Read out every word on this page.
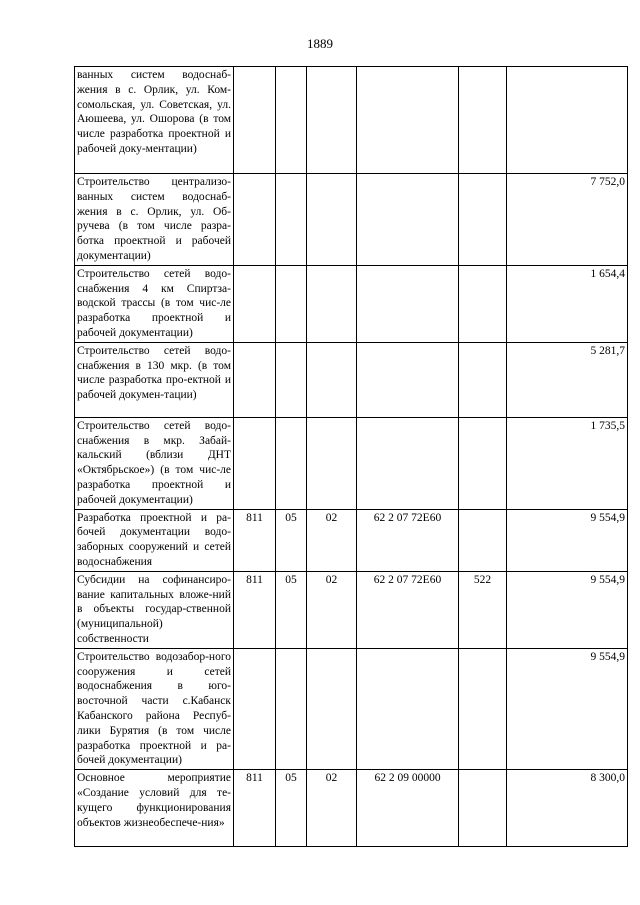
1889
ванных систем водоснаб-жения в с. Орлик, ул. Ком-сомольская, ул. Советская, ул. Аюшеева, ул. Ошорова (в том числе разработка проектной и рабочей доку-ментации)						
Строительство централизо-ванных систем водоснаб-жения в с. Орлик, ул. Об-ручева (в том числе разра-ботка проектной и рабочей документации)						7 752,0
Строительство сетей водо-снабжения 4 км Спиртза-водской трассы (в том чис-ле разработка проектной и рабочей документации)						1 654,4
Строительство сетей водо-снабжения в 130 мкр. (в том числе разработка про-ектной и рабочей докумен-тации)						5 281,7
Строительство сетей водо-снабжения в мкр. Забай-кальский (вблизи ДНТ «Октябрьское») (в том чис-ле разработка проектной и рабочей документации)						1 735,5
Разработка проектной и ра-бочей документации водо-заборных сооружений и сетей водоснабжения	811	05	02	62 2 07 72Е60		9 554,9
Субсидии на софинансиро-вание капитальных вложе-ний в объекты государ-ственной (муниципальной) собственности	811	05	02	62 2 07 72Е60	522	9 554,9
Строительство водозабор-ного сооружения и сетей водоснабжения в юго-восточной части с.Кабанск Кабанского района Респуб-лики Бурятия (в том числе разработка проектной и ра-бочей документации)						9 554,9
Основное мероприятие «Создание условий для те-кущего функционирования объектов жизнеобеспече-ния»	811	05	02	62 2 09 00000		8 300,0
